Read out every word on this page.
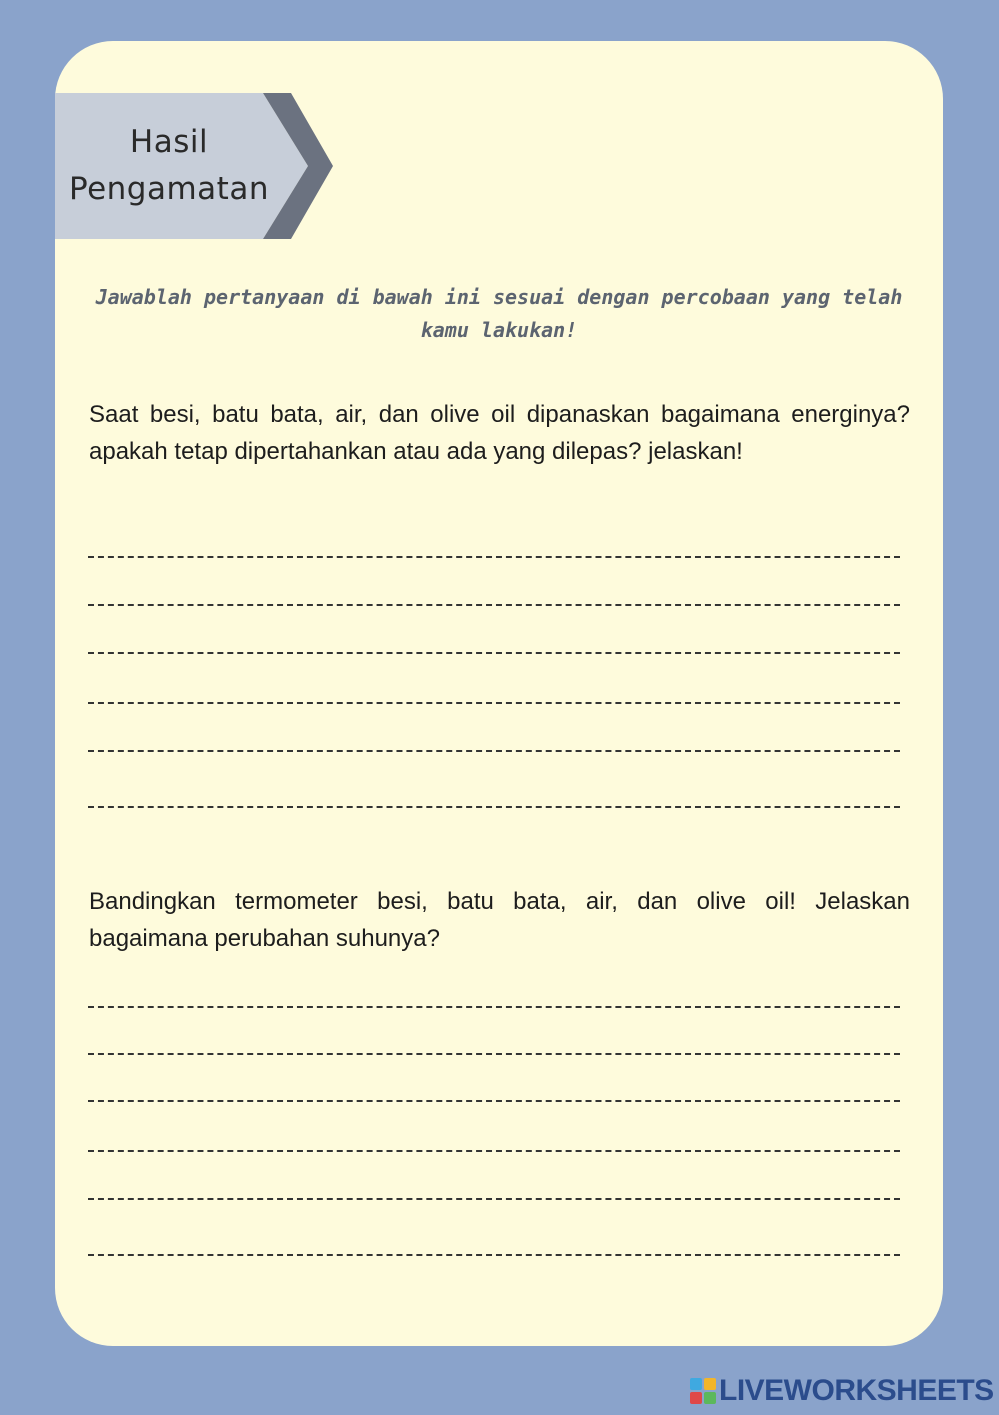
Hasil Pengamatan
Jawablah pertanyaan di bawah ini sesuai dengan percobaan yang telah kamu lakukan!

Saat besi, batu bata, air, dan olive oil dipanaskan bagaimana energinya? apakah tetap dipertahankan atau ada yang dilepas? jelaskan!

Bandingkan termometer besi, batu bata, air, dan olive oil! Jelaskan bagaimana perubahan suhunya?

LIVEWORKSHEETS
